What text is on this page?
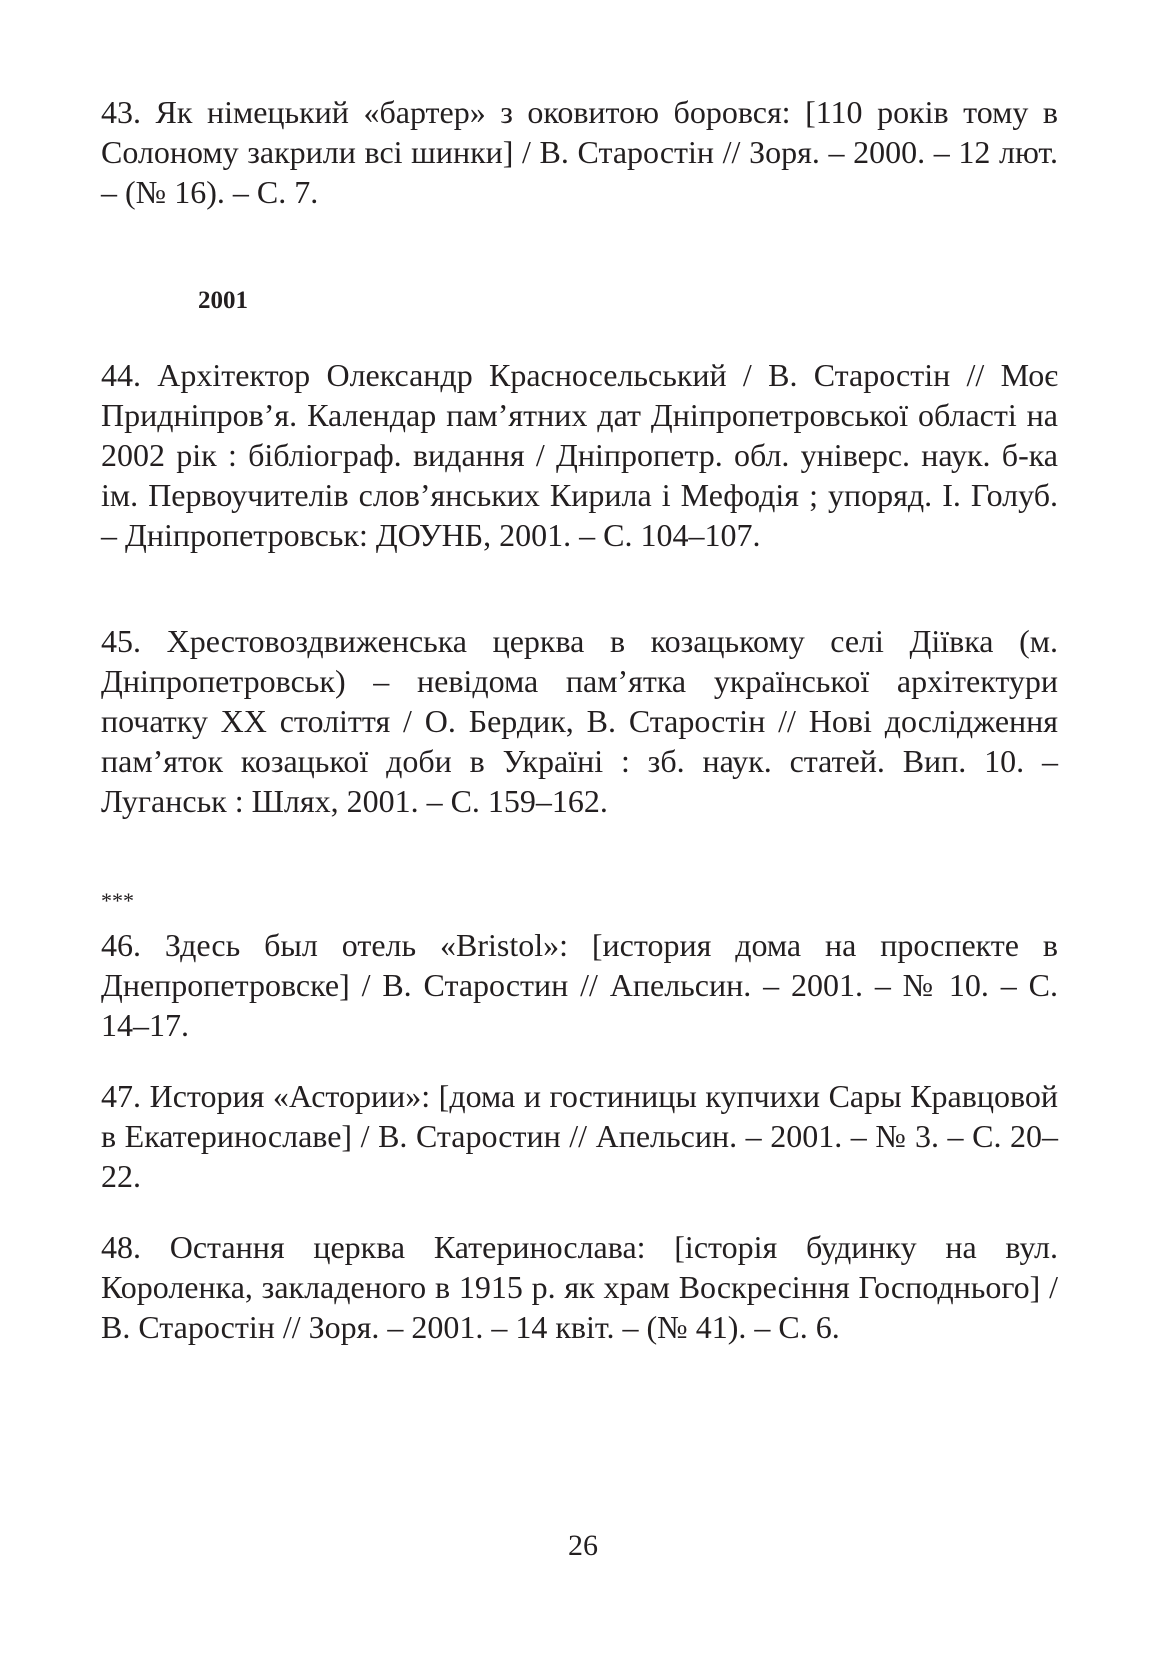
43. Як німецький «бартер» з оковитою боровся: [110 років тому в Солоному закрили всі шинки] / В. Старостін // Зоря. – 2000. – 12 лют. – (№ 16). – С. 7.

2001

44. Архітектор Олександр Красносельський / В. Старостін // Моє Придніпров’я. Календар пам’ятних дат Дніпропетровської області на 2002 рік : бібліограф. видання / Дніпропетр. обл. універс. наук. б-ка ім. Первоучителів слов’янських Кирила і Мефодія ; упоряд. І. Голуб. – Дніпропетровськ: ДОУНБ, 2001. – С. 104–107.

45. Хрестовоздвиженська церква в козацькому селі Діївка (м. Дніпропетровськ) – невідома пам’ятка української архітектури початку ХХ століття / О. Бердик, В. Старостін // Нові дослідження пам’яток козацької доби в Україні : зб. наук. статей. Вип. 10. – Луганськ : Шлях, 2001. – С. 159–162.

***

46. Здесь был отель «Bristol»: [история дома на проспекте в Днепропетровске] / В. Старостин // Апельсин. – 2001. – № 10. – С. 14–17.

47. История «Астории»: [дома и гостиницы купчихи Сары Кравцовой в Екатеринославе] / В. Старостин // Апельсин. – 2001. – № 3. – С. 20–22.

48. Остання церква Катеринослава: [історія будинку на вул. Короленка, закладеного в 1915 р. як храм Воскресіння Господнього] / В. Старостін // Зоря. – 2001. – 14 квіт. – (№ 41). – С. 6.

26
